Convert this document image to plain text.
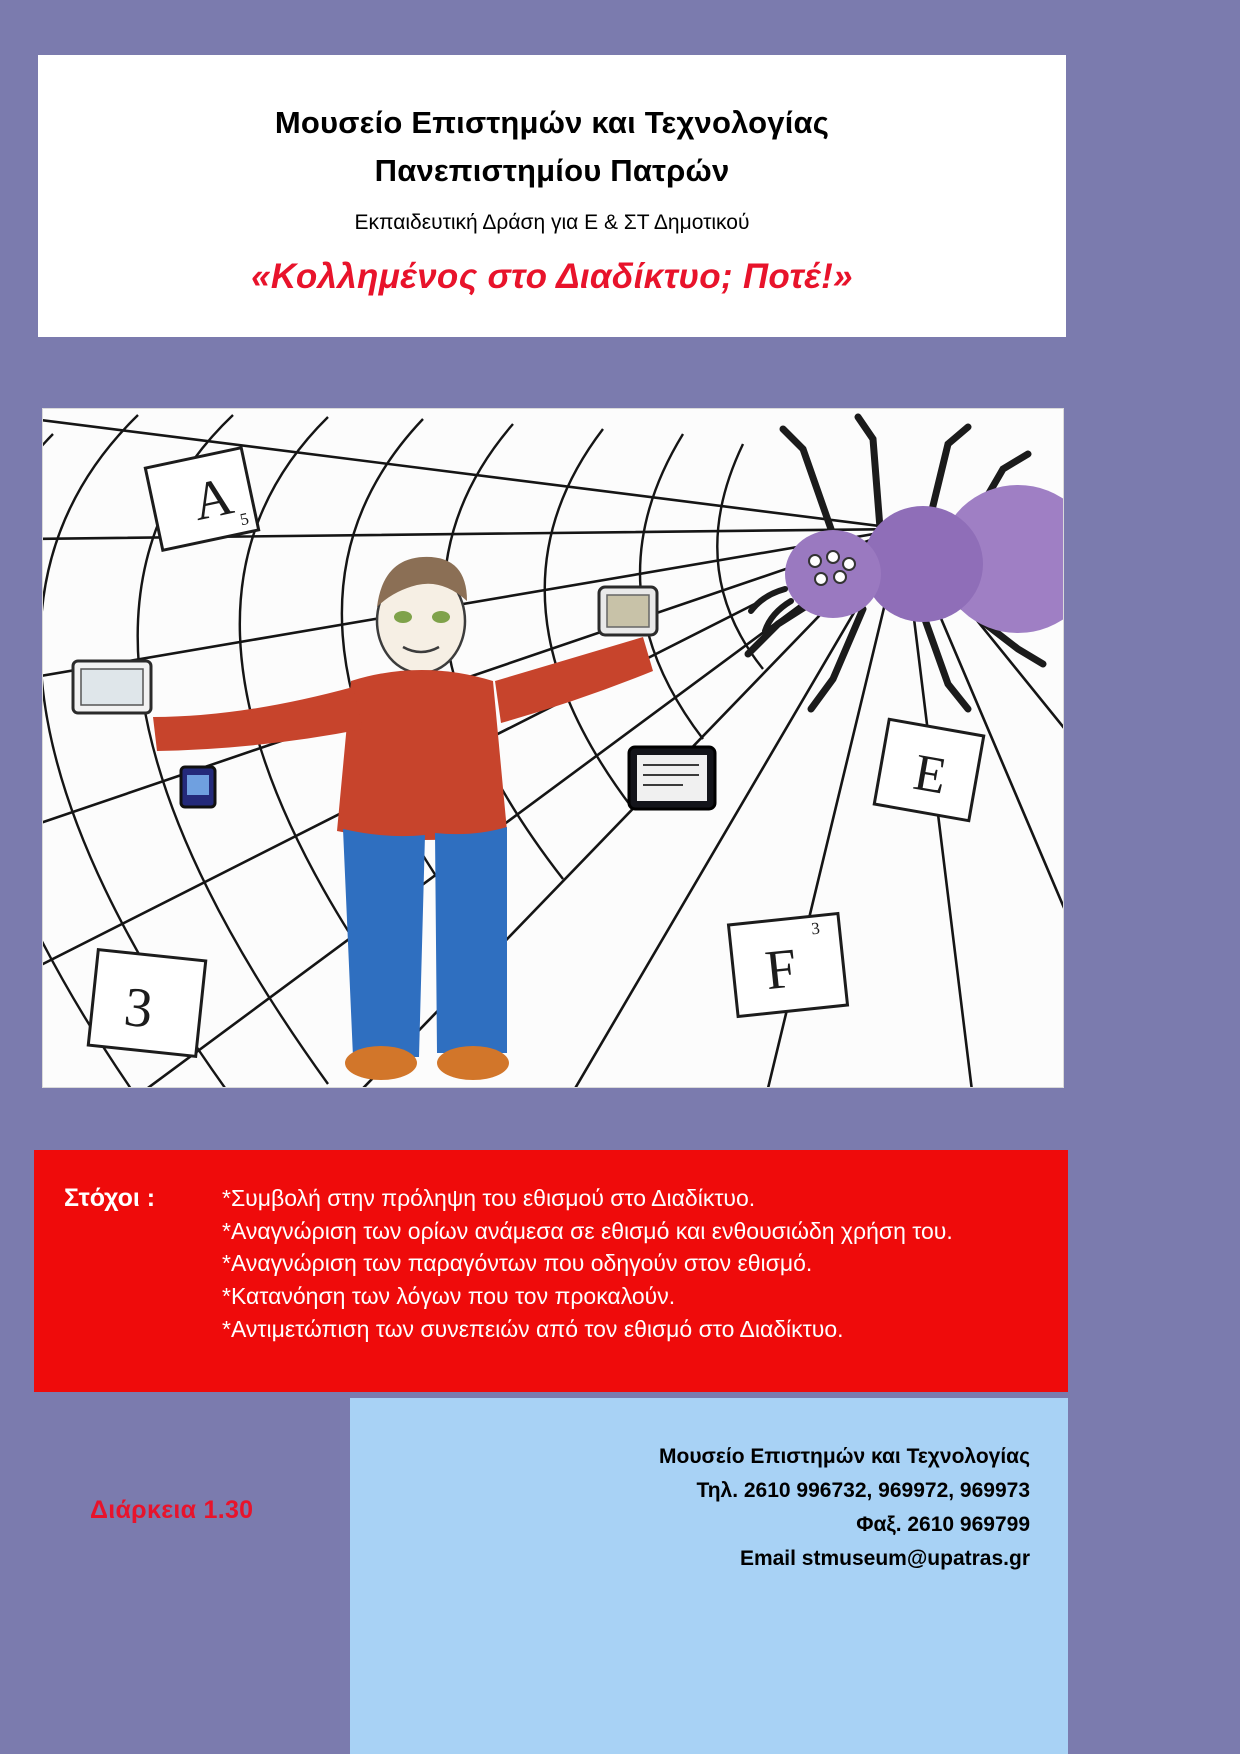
Μουσείο Επιστημών και Τεχνολογίας
Πανεπιστημίου Πατρών
Εκπαιδευτική Δράση για Ε & ΣΤ Δημοτικού
«Κολλημένος στο Διαδίκτυο; Ποτέ!»
A 5
E
F
3
3
Στόχοι :	*Συμβολή στην πρόληψη του εθισμού στο Διαδίκτυο.
*Αναγνώριση των ορίων ανάμεσα σε εθισμό και ενθουσιώδη χρήση του.
*Αναγνώριση των παραγόντων που οδηγούν στον εθισμό.
*Κατανόηση των λόγων που τον προκαλούν.
*Αντιμετώπιση των συνεπειών από τον εθισμό στο Διαδίκτυο.
Μουσείο Επιστημών και Τεχνολογίας
Τηλ. 2610 996732, 969972, 969973
Φαξ. 2610 969799
Email stmuseum@upatras.gr
Διάρκεια 1.30
